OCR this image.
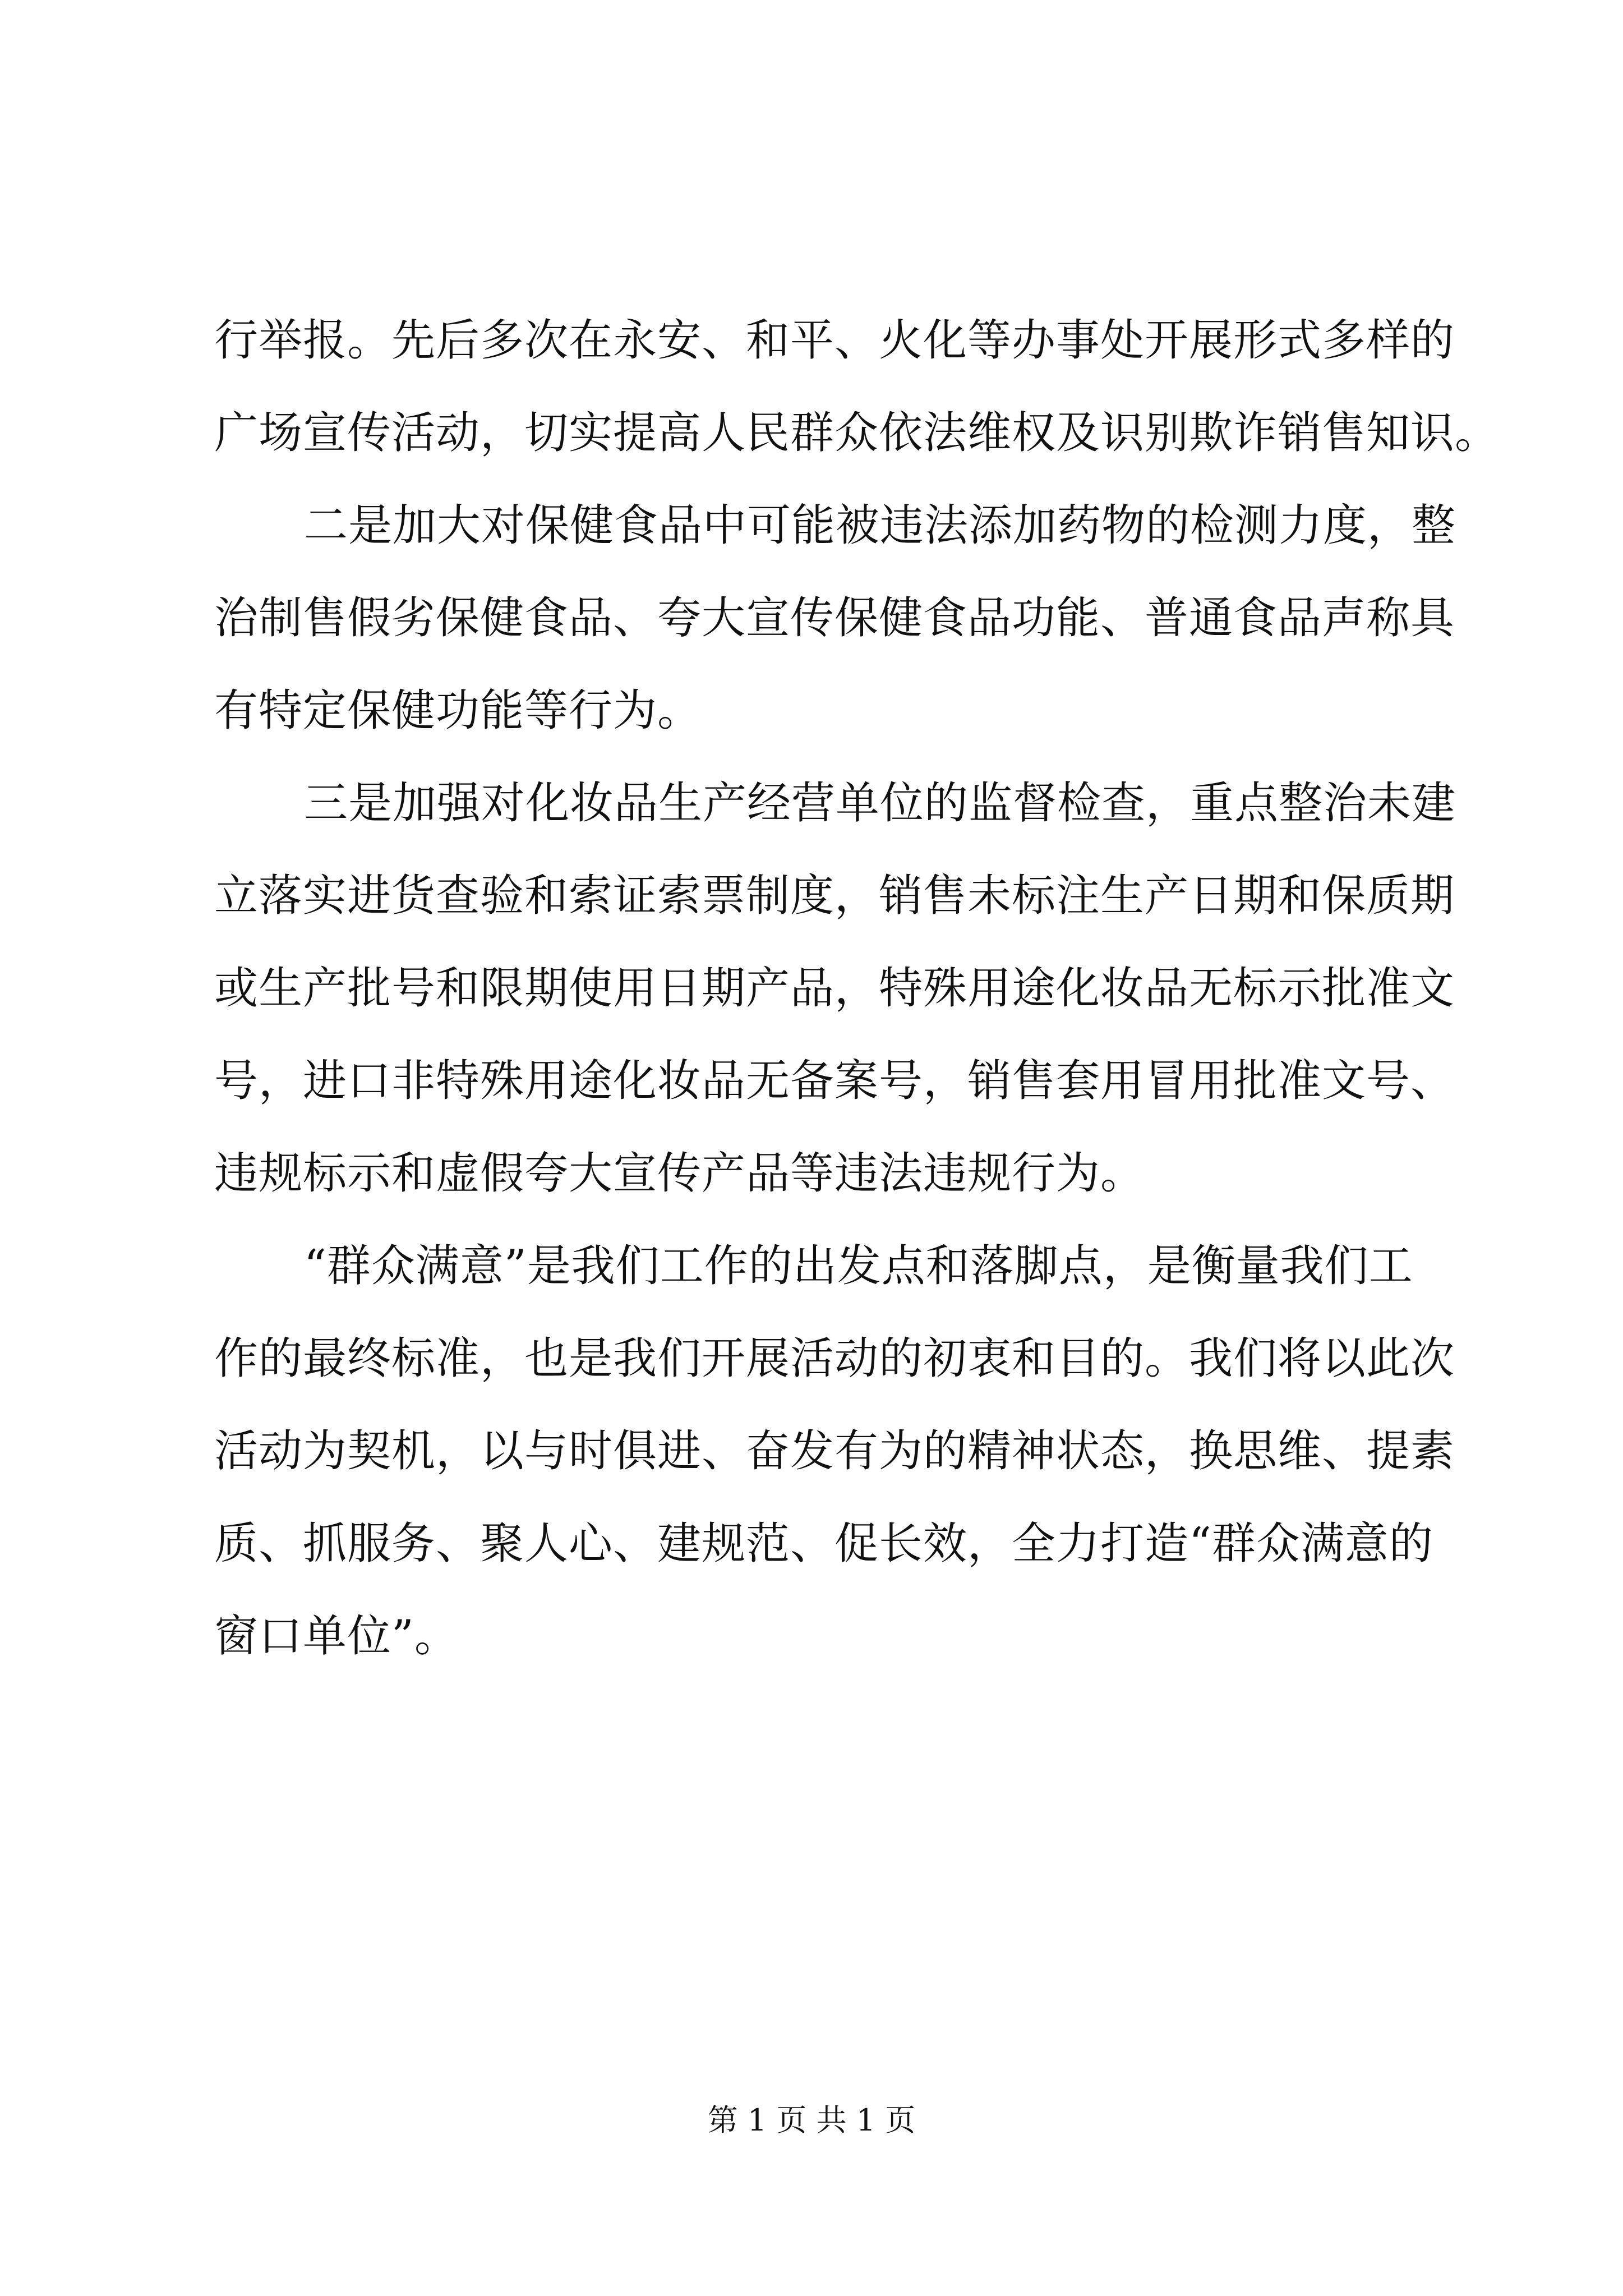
行举报。先后多次在永安、和平、火化等办事处开展形式多样的
广场宣传活动，切实提高人民群众依法维权及识别欺诈销售知识。
二是加大对保健食品中可能被违法添加药物的检测力度，整
治制售假劣保健食品、夸大宣传保健食品功能、普通食品声称具
有特定保健功能等行为。
三是加强对化妆品生产经营单位的监督检查，重点整治未建
立落实进货查验和索证索票制度，销售未标注生产日期和保质期
或生产批号和限期使用日期产品，特殊用途化妆品无标示批准文
号，进口非特殊用途化妆品无备案号，销售套用冒用批准文号、
违规标示和虚假夸大宣传产品等违法违规行为。
“群众满意”是我们工作的出发点和落脚点，是衡量我们工
作的最终标准，也是我们开展活动的初衷和目的。我们将以此次
活动为契机，以与时俱进、奋发有为的精神状态，换思维、提素
质、抓服务、聚人心、建规范、促长效，全力打造“群众满意的
窗口单位”。
第 1 页 共 1 页
